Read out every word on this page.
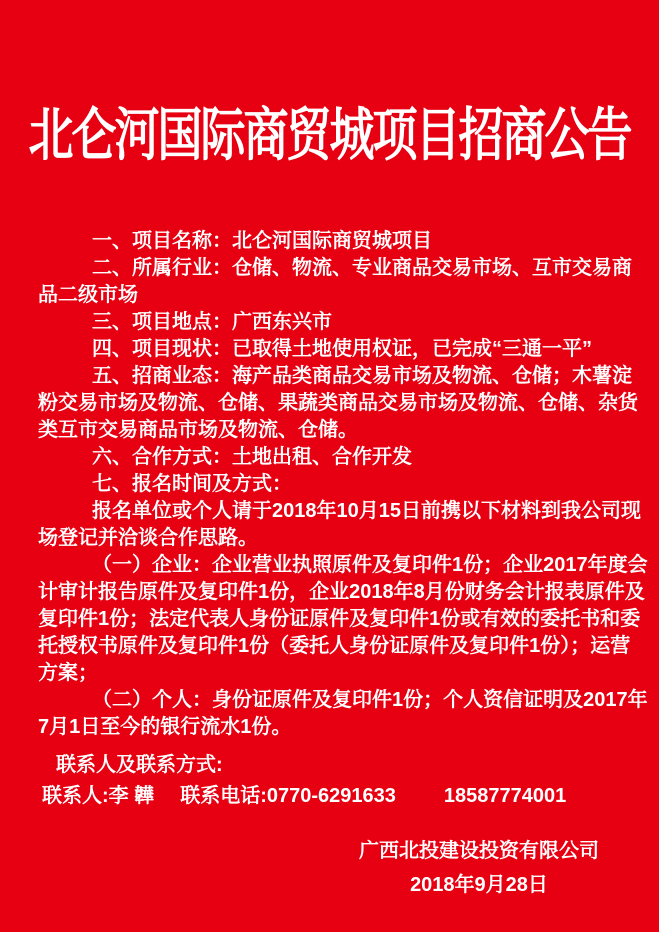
北仑河国际商贸城项目招商公告
一、项目名称：北仑河国际商贸城项目
二、所属行业：仓储、物流、专业商品交易市场、互市交易商
品二级市场
三、项目地点：广西东兴市
四、项目现状：已取得土地使用权证，已完成“三通一平”
五、招商业态：海产品类商品交易市场及物流、仓储；木薯淀
粉交易市场及物流、仓储、果蔬类商品交易市场及物流、仓储、杂货
类互市交易商品市场及物流、仓储。
六、合作方式：土地出租、合作开发
七、报名时间及方式：
报名单位或个人请于2018年10月15日前携以下材料到我公司现
场登记并洽谈合作思路。
（一）企业：企业营业执照原件及复印件1份；企业2017年度会
计审计报告原件及复印件1份，企业2018年8月份财务会计报表原件及
复印件1份；法定代表人身份证原件及复印件1份或有效的委托书和委
托授权书原件及复印件1份（委托人身份证原件及复印件1份）；运营
方案；
（二）个人：身份证原件及复印件1份；个人资信证明及2017年
7月1日至今的银行流水1份。
联系人及联系方式:
联系人:李 韡 联系电话:0770-6291633 18587774001
广西北投建设投资有限公司
2018年9月28日
